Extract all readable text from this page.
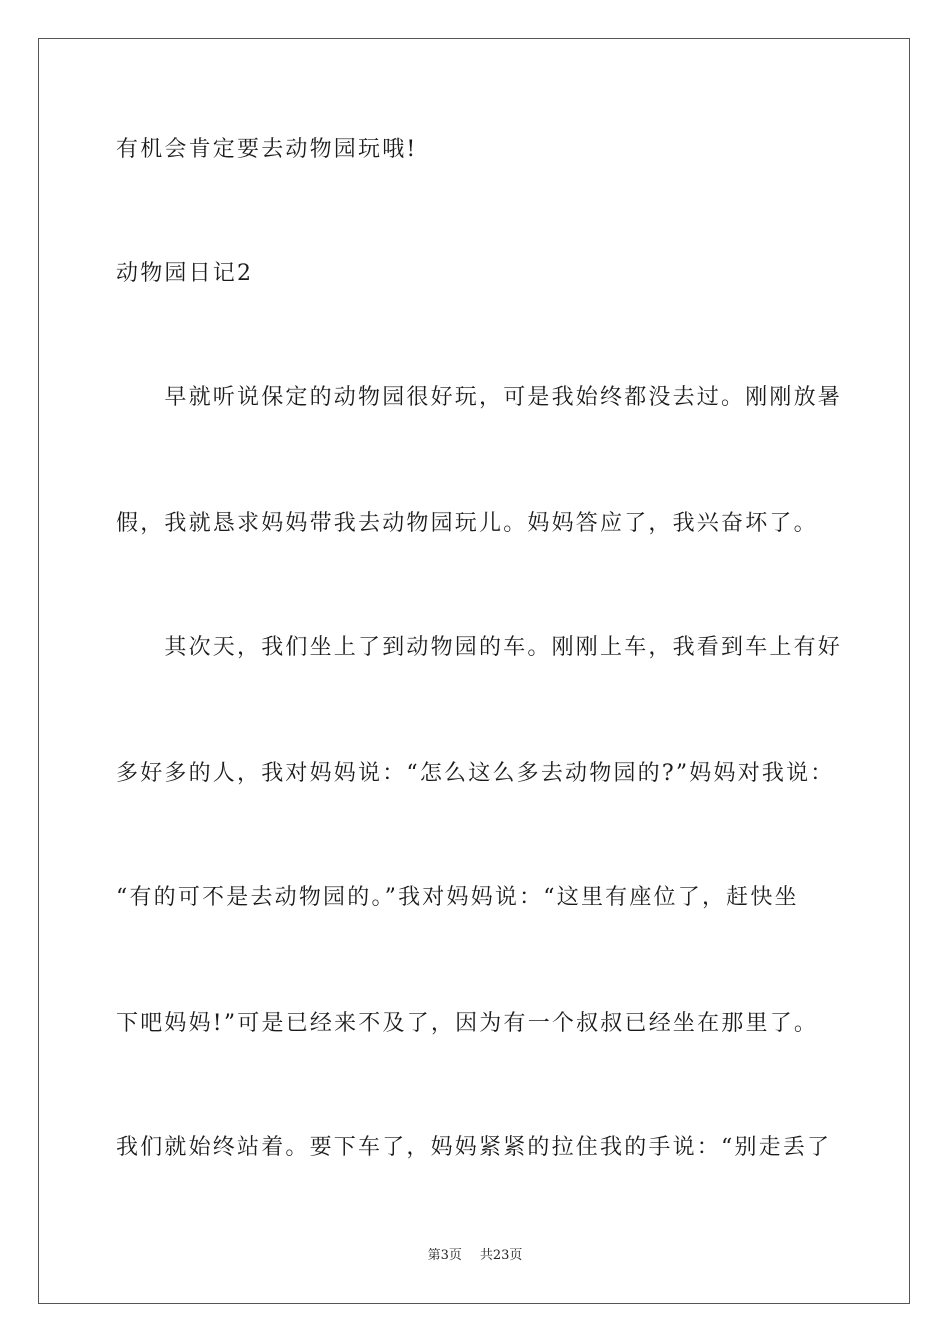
有机会肯定要去动物园玩哦!
动物园日记2
　　早就听说保定的动物园很好玩，可是我始终都没去过。刚刚放暑
假，我就恳求妈妈带我去动物园玩儿。妈妈答应了，我兴奋坏了。
　　其次天，我们坐上了到动物园的车。刚刚上车，我看到车上有好
多好多的人，我对妈妈说：“怎么这么多去动物园的?”妈妈对我说：
“有的可不是去动物园的。”我对妈妈说：“这里有座位了，赶快坐
下吧妈妈!”可是已经来不及了，因为有一个叔叔已经坐在那里了。
我们就始终站着。要下车了，妈妈紧紧的拉住我的手说：“别走丢了
第3页 共23页
